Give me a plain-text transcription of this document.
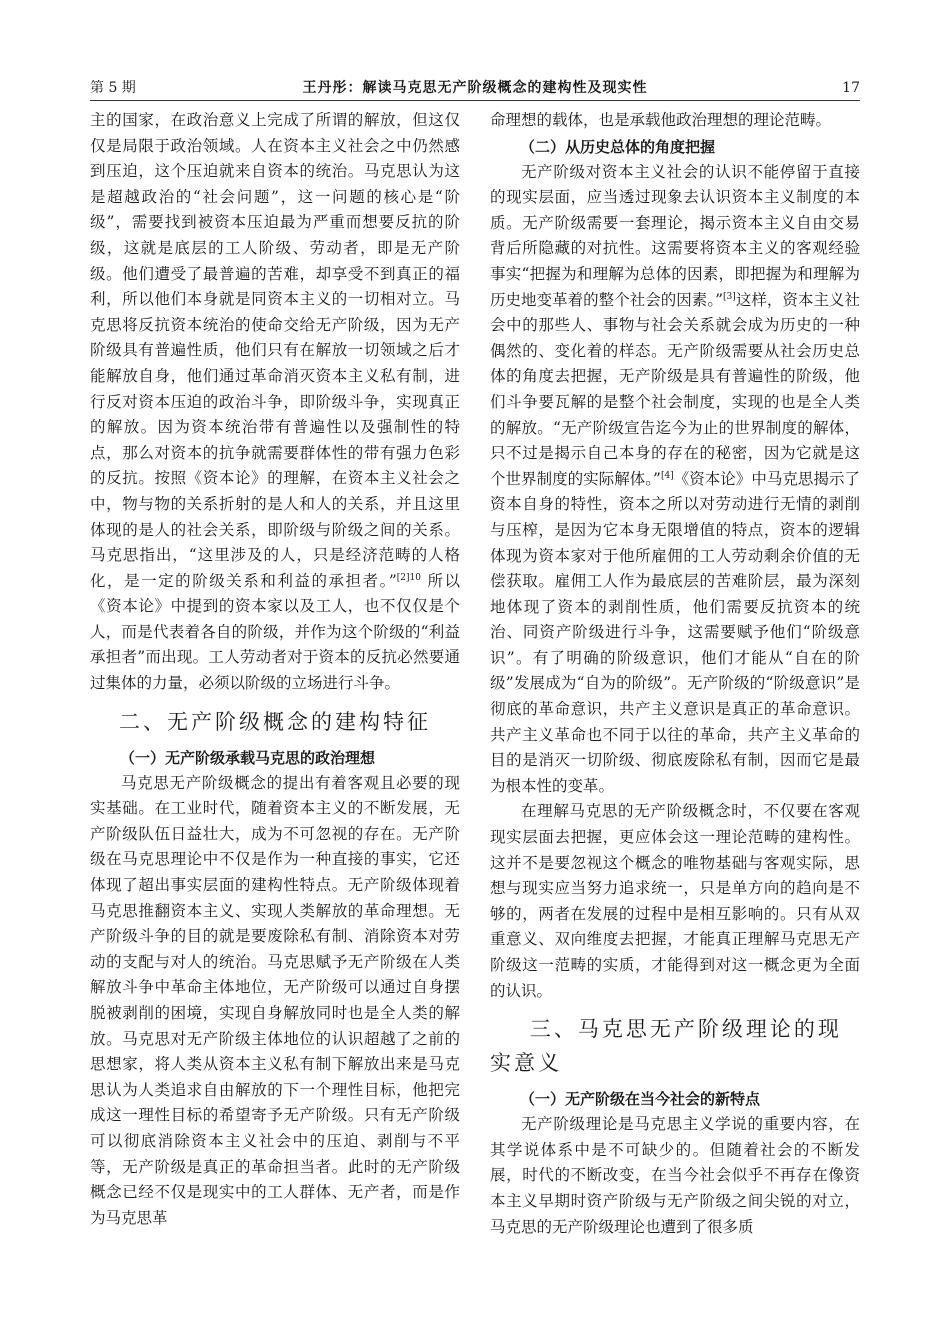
第 5 期	王丹彤：解读马克思无产阶级概念的建构性及现实性	17

主的国家，在政治意义上完成了所谓的解放，但这仅仅是局限于政治领域。人在资本主义社会之中仍然感到压迫，这个压迫就来自资本的统治。马克思认为这是超越政治的“社会问题”，这一问题的核心是“阶级”，需要找到被资本压迫最为严重而想要反抗的阶级，这就是底层的工人阶级、劳动者，即是无产阶级。他们遭受了最普遍的苦难，却享受不到真正的福利，所以他们本身就是同资本主义的一切相对立。马克思将反抗资本统治的使命交给无产阶级，因为无产阶级具有普遍性质，他们只有在解放一切领域之后才能解放自身，他们通过革命消灭资本主义私有制，进行反对资本压迫的政治斗争，即阶级斗争，实现真正的解放。因为资本统治带有普遍性以及强制性的特点，那么对资本的抗争就需要群体性的带有强力色彩的反抗。按照《资本论》的理解，在资本主义社会之中，物与物的关系折射的是人和人的关系，并且这里体现的是人的社会关系，即阶级与阶级之间的关系。马克思指出，“这里涉及的人，只是经济范畴的人格化，是一定的阶级关系和利益的承担者。”$^{[2]10}$ 所以《资本论》中提到的资本家以及工人，也不仅仅是个人，而是代表着各自的阶级，并作为这个阶级的“利益承担者”而出现。工人劳动者对于资本的反抗必然要通过集体的力量，必须以阶级的立场进行斗争。

二、无产阶级概念的建构特征
（一）无产阶级承载马克思的政治理想

马克思无产阶级概念的提出有着客观且必要的现实基础。在工业时代，随着资本主义的不断发展，无产阶级队伍日益壮大，成为不可忽视的存在。无产阶级在马克思理论中不仅是作为一种直接的事实，它还体现了超出事实层面的建构性特点。无产阶级体现着马克思推翻资本主义、实现人类解放的革命理想。无产阶级斗争的目的就是要废除私有制、消除资本对劳动的支配与对人的统治。马克思赋予无产阶级在人类解放斗争中革命主体地位，无产阶级可以通过自身摆脱被剥削的困境，实现自身解放同时也是全人类的解放。马克思对无产阶级主体地位的认识超越了之前的思想家，将人类从资本主义私有制下解放出来是马克思认为人类追求自由解放的下一个理性目标，他把完成这一理性目标的希望寄予无产阶级。只有无产阶级可以彻底消除资本主义社会中的压迫、剥削与不平等，无产阶级是真正的革命担当者。此时的无产阶级概念已经不仅是现实中的工人群体、无产者，而是作为马克思革

命理想的载体，也是承载他政治理想的理论范畴。

（二）从历史总体的角度把握

无产阶级对资本主义社会的认识不能停留于直接的现实层面，应当透过现象去认识资本主义制度的本质。无产阶级需要一套理论，揭示资本主义自由交易背后所隐藏的对抗性。这需要将资本主义的客观经验事实“把握为和理解为总体的因素，即把握为和理解为历史地变革着的整个社会的因素。”[3]这样，资本主义社会中的那些人、事物与社会关系就会成为历史的一种偶然的、变化着的样态。无产阶级需要从社会历史总体的角度去把握，无产阶级是具有普遍性的阶级，他们斗争要瓦解的是整个社会制度，实现的也是全人类的解放。“无产阶级宣告迄今为止的世界制度的解体，只不过是揭示自己本身的存在的秘密，因为它就是这个世界制度的实际解体。”[4]《资本论》中马克思揭示了资本自身的特性，资本之所以对劳动进行无情的剥削与压榨，是因为它本身无限增值的特点，资本的逻辑体现为资本家对于他所雇佣的工人劳动剩余价值的无偿获取。雇佣工人作为最底层的苦难阶层，最为深刻地体现了资本的剥削性质，他们需要反抗资本的统治、同资产阶级进行斗争，这需要赋予他们“阶级意识”。有了明确的阶级意识，他们才能从“自在的阶级”发展成为“自为的阶级”。无产阶级的“阶级意识”是彻底的革命意识，共产主义意识是真正的革命意识。共产主义革命也不同于以往的革命，共产主义革命的目的是消灭一切阶级、彻底废除私有制，因而它是最为根本性的变革。

在理解马克思的无产阶级概念时，不仅要在客观现实层面去把握，更应体会这一理论范畴的建构性。这并不是要忽视这个概念的唯物基础与客观实际，思想与现实应当努力追求统一，只是单方向的趋向是不够的，两者在发展的过程中是相互影响的。只有从双重意义、双向维度去把握，才能真正理解马克思无产阶级这一范畴的实质，才能得到对这一概念更为全面的认识。

三、马克思无产阶级理论的现实意义
（一）无产阶级在当今社会的新特点

无产阶级理论是马克思主义学说的重要内容，在其学说体系中是不可缺少的。但随着社会的不断发展，时代的不断改变，在当今社会似乎不再存在像资本主义早期时资产阶级与无产阶级之间尖锐的对立，马克思的无产阶级理论也遭到了很多质
